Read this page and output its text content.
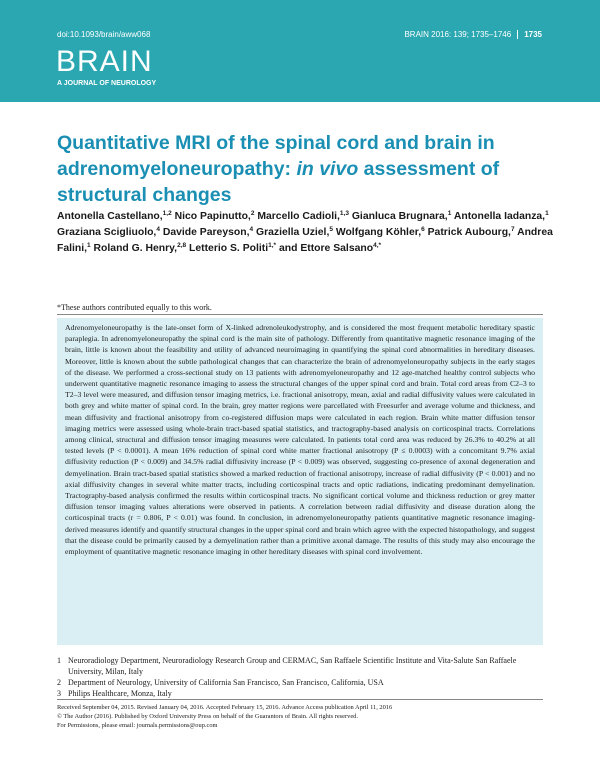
doi:10.1093/brain/aww068	BRAIN 2016: 139; 1735–1746 1735
BRAIN
A JOURNAL OF NEUROLOGY
Quantitative MRI of the spinal cord and brain in adrenomyeloneuropathy: in vivo assessment of structural changes
Antonella Castellano,$^{1,2}$ Nico Papinutto,$^2$ Marcello Cadioli,$^{1,3}$ Gianluca Brugnara,$^1$ Antonella Iadanza,$^1$ Graziana Scigliuolo,$^4$ Davide Pareyson,$^4$ Graziella Uziel,$^5$ Wolfgang Köhler,$^6$ Patrick Aubourg,$^7$ Andrea Falini,$^1$ Roland G. Henry,$^{2,8}$ Letterio S. Politi$^{1,*}$ and Ettore Salsano$^{4,*}$
*These authors contributed equally to this work.
Adrenomyeloneuropathy is the late-onset form of X-linked adrenoleukodystrophy, and is considered the most frequent metabolic hereditary spastic paraplegia. In adrenomyeloneuropathy the spinal cord is the main site of pathology. Differently from quantitative magnetic resonance imaging of the brain, little is known about the feasibility and utility of advanced neuroimaging in quantifying the spinal cord abnormalities in hereditary diseases. Moreover, little is known about the subtle pathological changes that can characterize the brain of adrenomyeloneuropathy subjects in the early stages of the disease. We performed a cross-sectional study on 13 patients with adrenomyeloneuropathy and 12 age-matched healthy control subjects who underwent quantitative magnetic resonance imaging to assess the structural changes of the upper spinal cord and brain. Total cord areas from C2–3 to T2–3 level were measured, and diffusion tensor imaging metrics, i.e. fractional anisotropy, mean, axial and radial diffusivity values were calculated in both grey and white matter of spinal cord. In the brain, grey matter regions were parcellated with Freesurfer and average volume and thickness, and mean diffusivity and fractional anisotropy from co-registered diffusion maps were calculated in each region. Brain white matter diffusion tensor imaging metrics were assessed using whole-brain tract-based spatial statistics, and tractography-based analysis on corticospinal tracts. Correlations among clinical, structural and diffusion tensor imaging measures were calculated. In patients total cord area was reduced by 26.3% to 40.2% at all tested levels (P < 0.0001). A mean 16% reduction of spinal cord white matter fractional anisotropy (P ≤ 0.0003) with a concomitant 9.7% axial diffusivity reduction (P < 0.009) and 34.5% radial diffusivity increase (P < 0.009) was observed, suggesting co-presence of axonal degeneration and demyelination. Brain tract-based spatial statistics showed a marked reduction of fractional anisotropy, increase of radial diffusivity (P < 0.001) and no axial diffusivity changes in several white matter tracts, including corticospinal tracts and optic radiations, indicating predominant demyelination. Tractography-based analysis confirmed the results within corticospinal tracts. No significant cortical volume and thickness reduction or grey matter diffusion tensor imaging values alterations were observed in patients. A correlation between radial diffusivity and disease duration along the corticospinal tracts (r = 0.806, P < 0.01) was found. In conclusion, in adrenomyeloneuropathy patients quantitative magnetic resonance imaging-derived measures identify and quantify structural changes in the upper spinal cord and brain which agree with the expected histopathology, and suggest that the disease could be primarily caused by a demyelination rather than a primitive axonal damage. The results of this study may also encourage the employment of quantitative magnetic resonance imaging in other hereditary diseases with spinal cord involvement.
1 Neuroradiology Department, Neuroradiology Research Group and CERMAC, San Raffaele Scientific Institute and Vita-Salute San Raffaele University, Milan, Italy
2 Department of Neurology, University of California San Francisco, San Francisco, California, USA
3 Philips Healthcare, Monza, Italy
Received September 04, 2015. Revised January 04, 2016. Accepted February 15, 2016. Advance Access publication April 11, 2016
© The Author (2016). Published by Oxford University Press on behalf of the Guarantors of Brain. All rights reserved.
For Permissions, please email: journals.permissions@oup.com
